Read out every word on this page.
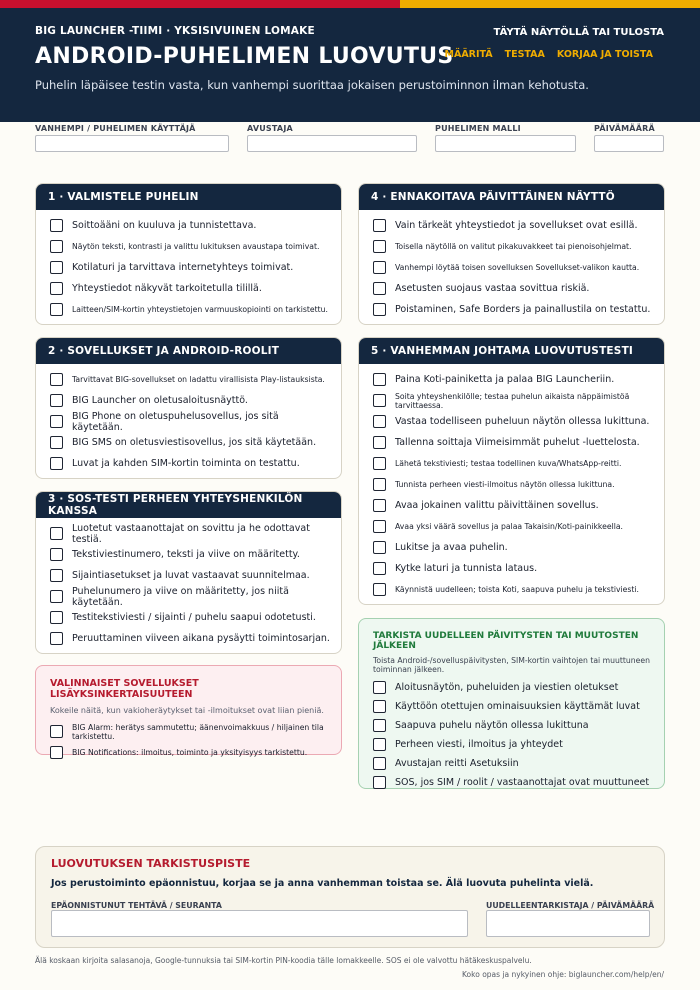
BIG LAUNCHER -TIIMI · YKSISIVUINEN LOMAKE
ANDROID-PUHELIMEN LUOVUTUS
Puhelin läpäisee testin vasta, kun vanhempi suorittaa jokaisen perustoiminnon ilman kehotusta.
TÄYTÄ NÄYTÖLLÄ TAI TULOSTA
MÄÄRITÄ TESTAA KORJAA JA TOISTA
VANHEMPI / PUHELIMEN KÄYTTÄJÄ	AVUSTAJA	PUHELIMEN MALLI	PÄIVÄMÄÄRÄ
1 · VALMISTELE PUHELIN
Soittoääni on kuuluva ja tunnistettava.
Näytön teksti, kontrasti ja valittu lukituksen avaustapa toimivat.
Kotilaturi ja tarvittava internetyhteys toimivat.
Yhteystiedot näkyvät tarkoitetulla tilillä.
Laitteen/SIM-kortin yhteystietojen varmuuskopiointi on tarkistettu.
2 · SOVELLUKSET JA ANDROID-ROOLIT
Tarvittavat BIG-sovellukset on ladattu virallisista Play-listauksista.
BIG Launcher on oletusaloitusnäyttö.
BIG Phone on oletuspuhelusovellus, jos sitä käytetään.
BIG SMS on oletusviestisovellus, jos sitä käytetään.
Luvat ja kahden SIM-kortin toiminta on testattu.
3 · SOS-TESTI PERHEEN YHTEYSHENKILÖN KANSSA
Luotetut vastaanottajat on sovittu ja he odottavat testiä.
Tekstiviestinumero, teksti ja viive on määritetty.
Sijaintiasetukset ja luvat vastaavat suunnitelmaa.
Puhelunumero ja viive on määritetty, jos niitä käytetään.
Testitekstiviesti / sijainti / puhelu saapui odotetusti.
Peruuttaminen viiveen aikana pysäytti toimintosarjan.
VALINNAISET SOVELLUKSET LISÄYKSINKERTAISUUTEEN
Kokeile näitä, kun vakioheräytykset tai -ilmoitukset ovat liian pieniä.
BIG Alarm: herätys sammutettu; äänenvoimakkuus / hiljainen tila tarkistettu.
BIG Notifications: ilmoitus, toiminto ja yksityisyys tarkistettu.
4 · ENNAKOITAVA PÄIVITTÄINEN NÄYTTÖ
Vain tärkeät yhteystiedot ja sovellukset ovat esillä.
Toisella näytöllä on valitut pikakuvakkeet tai pienoisohjelmat.
Vanhempi löytää toisen sovelluksen Sovellukset-valikon kautta.
Asetusten suojaus vastaa sovittua riskiä.
Poistaminen, Safe Borders ja painallustila on testattu.
5 · VANHEMMAN JOHTAMA LUOVUTUSTESTI
Paina Koti-painiketta ja palaa BIG Launcheriin.
Soita yhteyshenkilölle; testaa puhelun aikaista näppäimistöä tarvittaessa.
Vastaa todelliseen puheluun näytön ollessa lukittuna.
Tallenna soittaja Viimeisimmät puhelut -luettelosta.
Lähetä tekstiviesti; testaa todellinen kuva/WhatsApp-reitti.
Tunnista perheen viesti-ilmoitus näytön ollessa lukittuna.
Avaa jokainen valittu päivittäinen sovellus.
Avaa yksi väärä sovellus ja palaa Takaisin/Koti-painikkeella.
Lukitse ja avaa puhelin.
Kytke laturi ja tunnista lataus.
Käynnistä uudelleen; toista Koti, saapuva puhelu ja tekstiviesti.
TARKISTA UUDELLEEN PÄIVITYSTEN TAI MUUTOSTEN JÄLKEEN
Toista Android-/sovelluspäivitysten, SIM-kortin vaihtojen tai muuttuneen toiminnan jälkeen.
Aloitusnäytön, puheluiden ja viestien oletukset
Käyttöön otettujen ominaisuuksien käyttämät luvat
Saapuva puhelu näytön ollessa lukittuna
Perheen viesti, ilmoitus ja yhteydet
Avustajan reitti Asetuksiin
SOS, jos SIM / roolit / vastaanottajat ovat muuttuneet
LUOVUTUKSEN TARKISTUSPISTE
Jos perustoiminto epäonnistuu, korjaa se ja anna vanhemman toistaa se. Älä luovuta puhelinta vielä.
EPÄONNISTUNUT TEHTÄVÄ / SEURANTA	UUDELLEENTARKISTAJA / PÄIVÄMÄÄRÄ
Älä koskaan kirjoita salasanoja, Google-tunnuksia tai SIM-kortin PIN-koodia tälle lomakkeelle. SOS ei ole valvottu hätäkeskuspalvelu.
Koko opas ja nykyinen ohje: biglauncher.com/help/en/
